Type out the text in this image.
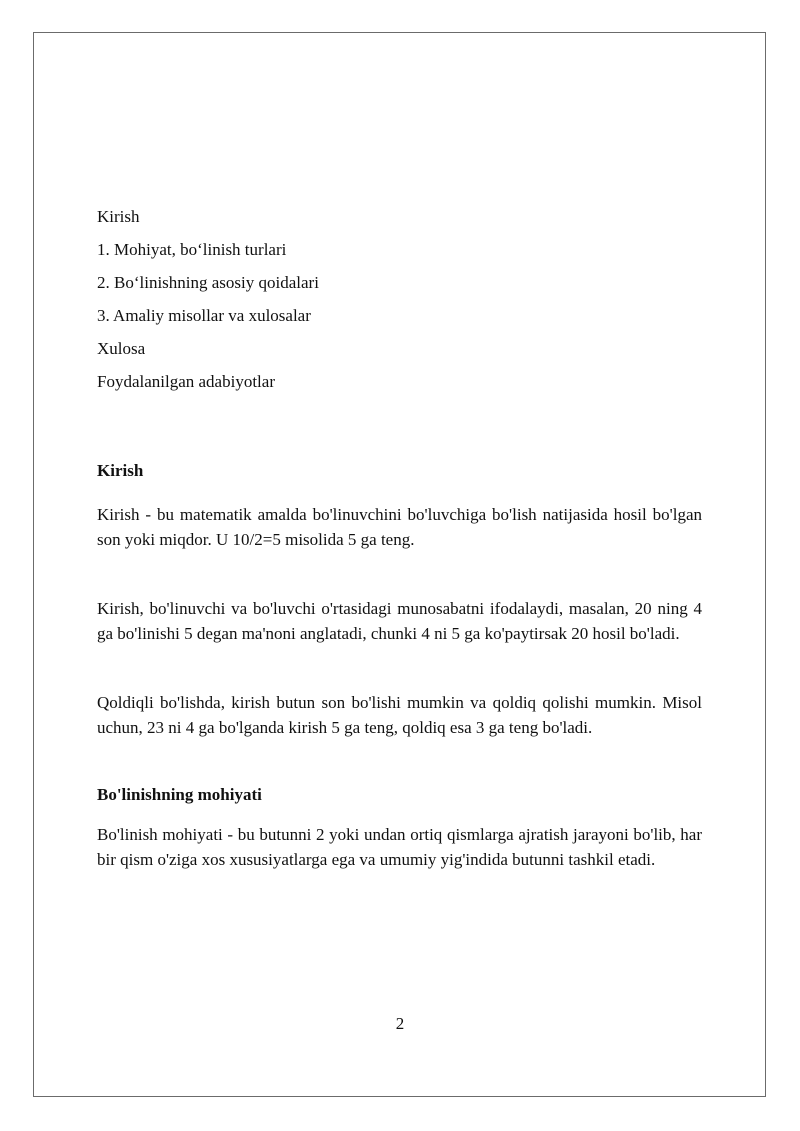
Kirish
1. Mohiyat, bo‘linish turlari
2. Bo‘linishning asosiy qoidalari
3. Amaliy misollar va xulosalar
Xulosa
Foydalanilgan adabiyotlar

Kirish

Kirish - bu matematik amalda bo'linuvchini bo'luvchiga bo'lish natijasida hosil bo'lgan son yoki miqdor. U 10/2=5 misolida 5 ga teng.

Kirish, bo'linuvchi va bo'luvchi o'rtasidagi munosabatni ifodalaydi, masalan, 20 ning 4 ga bo'linishi 5 degan ma'noni anglatadi, chunki 4 ni 5 ga ko'paytirsak 20 hosil bo'ladi.

Qoldiqli bo'lishda, kirish butun son bo'lishi mumkin va qoldiq qolishi mumkin. Misol uchun, 23 ni 4 ga bo'lganda kirish 5 ga teng, qoldiq esa 3 ga teng bo'ladi.

Bo'linishning mohiyati

Bo'linish mohiyati - bu butunni 2 yoki undan ortiq qismlarga ajratish jarayoni bo'lib, har bir qism o'ziga xos xususiyatlarga ega va umumiy yig'indida butunni tashkil etadi.

2
